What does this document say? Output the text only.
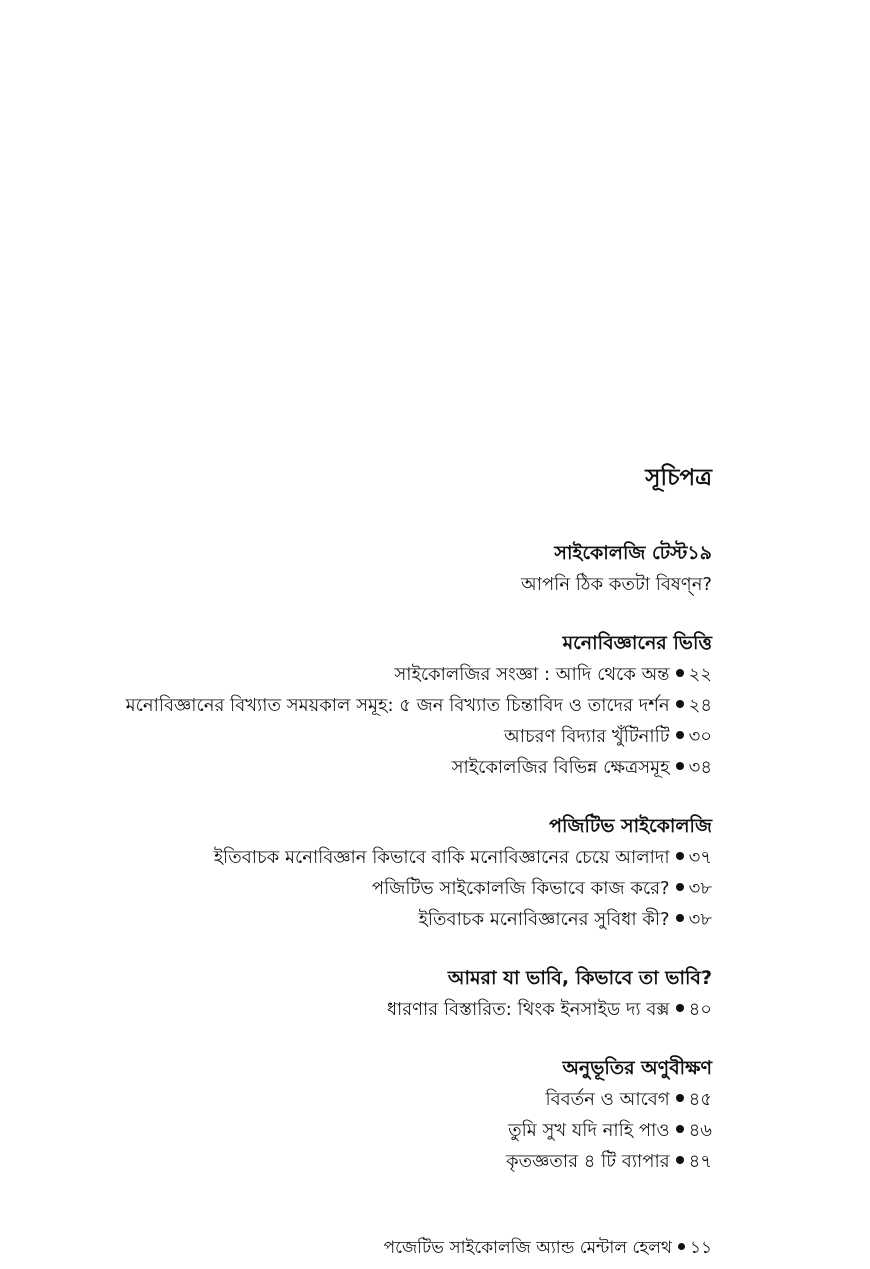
সূচিপত্র
সাইকোলজি টেস্ট১৯
আপনি ঠিক কতটা বিষণ্ন?
মনোবিজ্ঞানের ভিত্তি
সাইকোলজির সংজ্ঞা : আদি থেকে অন্ত ২২
মনোবিজ্ঞানের বিখ্যাত সময়কাল সমূহ: ৫ জন বিখ্যাত চিন্তাবিদ ও তাদের দর্শন ২৪
আচরণ বিদ্যার খুঁটিনাটি ৩০
সাইকোলজির বিভিন্ন ক্ষেত্রসমূহ ৩৪
পজিটিভ সাইকোলজি
ইতিবাচক মনোবিজ্ঞান কিভাবে বাকি মনোবিজ্ঞানের চেয়ে আলাদা ৩৭
পজিটিভ সাইকোলজি কিভাবে কাজ করে? ৩৮
ইতিবাচক মনোবিজ্ঞানের সুবিধা কী? ৩৮
আমরা যা ভাবি, কিভাবে তা ভাবি?
ধারণার বিস্তারিত: থিংক ইনসাইড দ্য বক্স ৪০
অনুভূতির অণুবীক্ষণ
বিবর্তন ও আবেগ ৪৫
তুমি সুখ যদি নাহি পাও ৪৬
কৃতজ্ঞতার ৪ টি ব্যাপার ৪৭
পজেটিভ সাইকোলজি অ্যান্ড মেন্টাল হেলথ ১১
